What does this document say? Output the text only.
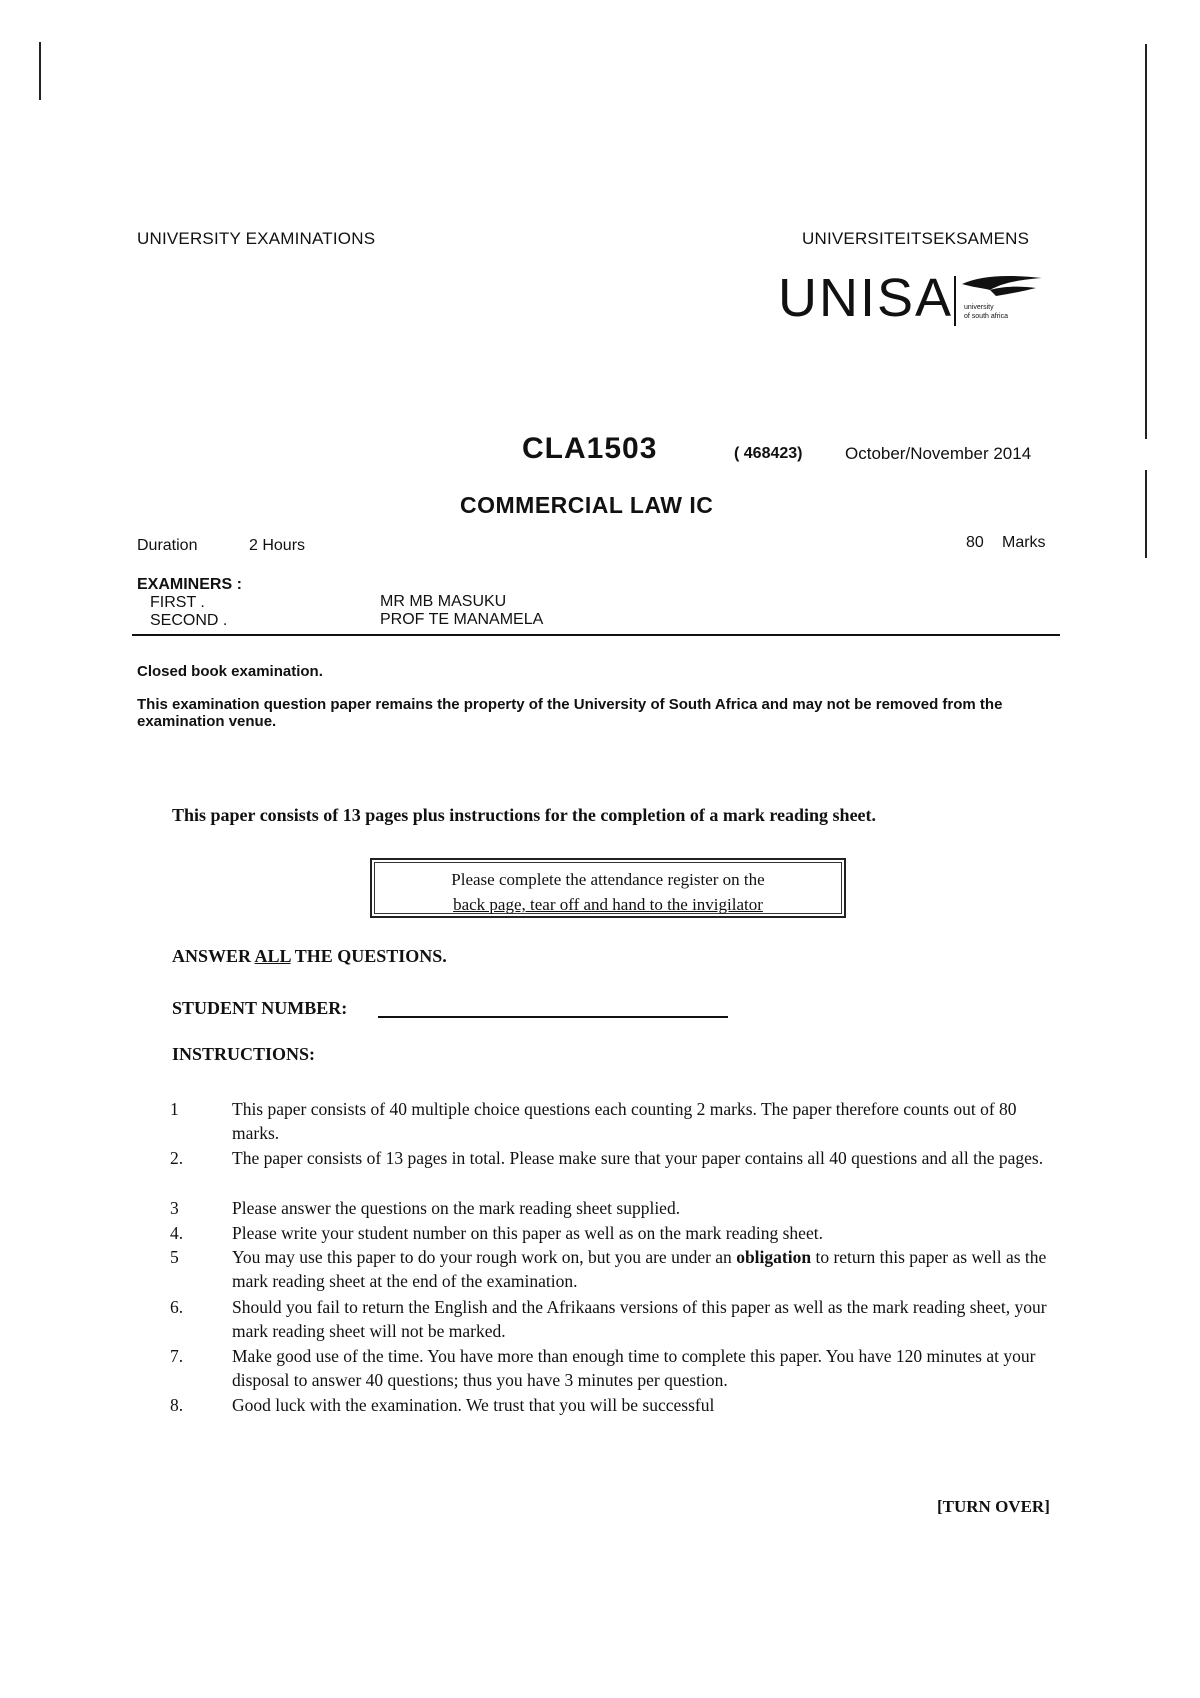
UNIVERSITY EXAMINATIONS	UNIVERSITEITSEKSAMENS
UNISA university
of south africa
CLA1503	( 468423)	October/November 2014
COMMERCIAL LAW IC
Duration	2 Hours	80 Marks
EXAMINERS :
FIRST .	MR MB MASUKU
SECOND .	PROF TE MANAMELA
Closed book examination.
This examination question paper remains the property of the University of South Africa and may not be removed from the examination venue.
This paper consists of 13 pages plus instructions for the completion of a mark reading sheet.
Please complete the attendance register on the
back page, tear off and hand to the invigilator
ANSWER ALL THE QUESTIONS.
STUDENT NUMBER:
INSTRUCTIONS:
1	This paper consists of 40 multiple choice questions each counting 2 marks. The paper therefore counts out of 80 marks.
2.	The paper consists of 13 pages in total. Please make sure that your paper contains all 40 questions and all the pages.
3	Please answer the questions on the mark reading sheet supplied.
4.	Please write your student number on this paper as well as on the mark reading sheet.
5	You may use this paper to do your rough work on, but you are under an obligation to return this paper as well as the mark reading sheet at the end of the examination.
6.	Should you fail to return the English and the Afrikaans versions of this paper as well as the mark reading sheet, your mark reading sheet will not be marked.
7.	Make good use of the time. You have more than enough time to complete this paper. You have 120 minutes at your disposal to answer 40 questions; thus you have 3 minutes per question.
8.	Good luck with the examination. We trust that you will be successful
[TURN OVER]
